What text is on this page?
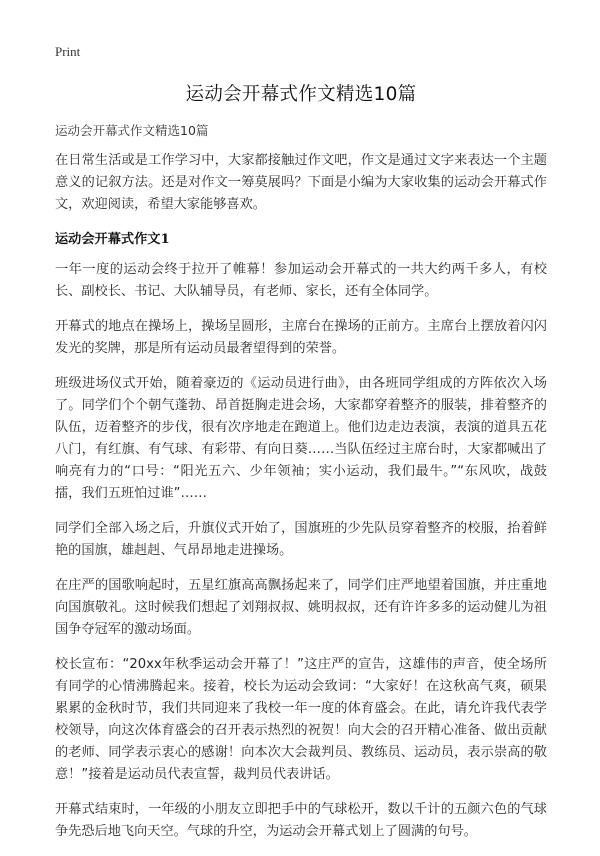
Print
运动会开幕式作文精选10篇

运动会开幕式作文精选10篇

在日常生活或是工作学习中，大家都接触过作文吧，作文是通过文字来表达一个主题意义的记叙方法。还是对作文一筹莫展吗？下面是小编为大家收集的运动会开幕式作文，欢迎阅读，希望大家能够喜欢。

运动会开幕式作文1

一年一度的运动会终于拉开了帷幕！参加运动会开幕式的一共大约两千多人，有校长、副校长、书记、大队辅导员，有老师、家长，还有全体同学。

开幕式的地点在操场上，操场呈圆形，主席台在操场的正前方。主席台上摆放着闪闪发光的奖牌，那是所有运动员最奢望得到的荣誉。

班级进场仪式开始，随着豪迈的《运动员进行曲》，由各班同学组成的方阵依次入场了。同学们个个朝气蓬勃、昂首挺胸走进会场，大家都穿着整齐的服装，排着整齐的队伍，迈着整齐的步伐，很有次序地走在跑道上。他们边走边表演，表演的道具五花八门，有红旗、有气球、有彩带、有向日葵……当队伍经过主席台时，大家都喊出了响亮有力的“口号：“阳光五六、少年领袖；实小运动，我们最牛。”“东风吹，战鼓擂，我们五班怕过谁”……

同学们全部入场之后，升旗仪式开始了，国旗班的少先队员穿着整齐的校服，抬着鲜艳的国旗，雄赳赳、气昂昂地走进操场。

在庄严的国歌响起时，五星红旗高高飘扬起来了，同学们庄严地望着国旗，并庄重地向国旗敬礼。这时候我们想起了刘翔叔叔、姚明叔叔，还有许许多多的运动健儿为祖国争夺冠军的激动场面。

校长宣布：“20xx年秋季运动会开幕了！”这庄严的宣告，这雄伟的声音，使全场所有同学的心情沸腾起来。接着，校长为运动会致词：“大家好！在这秋高气爽，硕果累累的金秋时节，我们共同迎来了我校一年一度的体育盛会。在此，请允许我代表学校领导，向这次体育盛会的召开表示热烈的祝贺！向大会的召开精心准备、做出贡献的老师、同学表示衷心的感谢！向本次大会裁判员、教练员、运动员，表示崇高的敬意！”接着是运动员代表宣誓，裁判员代表讲话。

开幕式结束时，一年级的小朋友立即把手中的气球松开，数以千计的五颜六色的气球争先恐后地飞向天空。气球的升空，为运动会开幕式划上了圆满的句号。
